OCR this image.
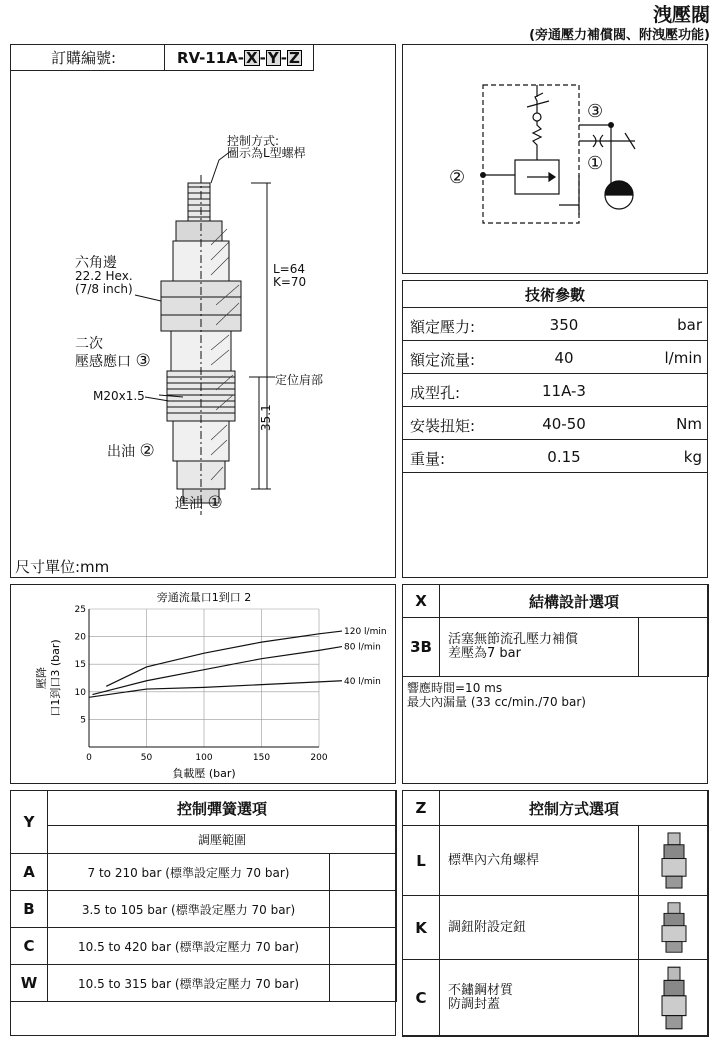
洩壓閥
(旁通壓力補償閥、附洩壓功能)
訂購編號:	RV-11A- X - Y - Z
控制方式:
圖示為L型螺桿
六角邊
22.2 Hex.
(7/8 inch)
L=64
K=70
二次
壓感應口 ③
M20x1.5
定位肩部
35.1
出油 ②
進油 ①
尺寸單位:mm
③
①
②
技術參數
額定壓力:	350	bar
額定流量:	40	l/min
成型孔:	11A-3
安裝扭矩:	40-50	Nm
重量:	0.15	kg
0	50	100	150	200
5
10
15
20
25
旁通流量口1到口 2
負載壓 (bar)
壓降 口1到口3 (bar)
120 l/min
80 l/min
40 l/min
X	結構設計選項
3B 活塞無節流孔壓力補償
差壓為7 bar
響應時間=10 ms
最大內漏量 (33 cc/min./70 bar)
Y
控制彈簧選項
調壓範圍
A	7 to 210 bar (標準設定壓力 70 bar)
B	3.5 to 105 bar (標準設定壓力 70 bar)
C	10.5 to 420 bar (標準設定壓力 70 bar)
W	10.5 to 315 bar (標準設定壓力 70 bar)
Z	控制方式選項
L 標準內六角螺桿
K 調鈕附設定鈕
C 不鏽鋼材質
防調封蓋
